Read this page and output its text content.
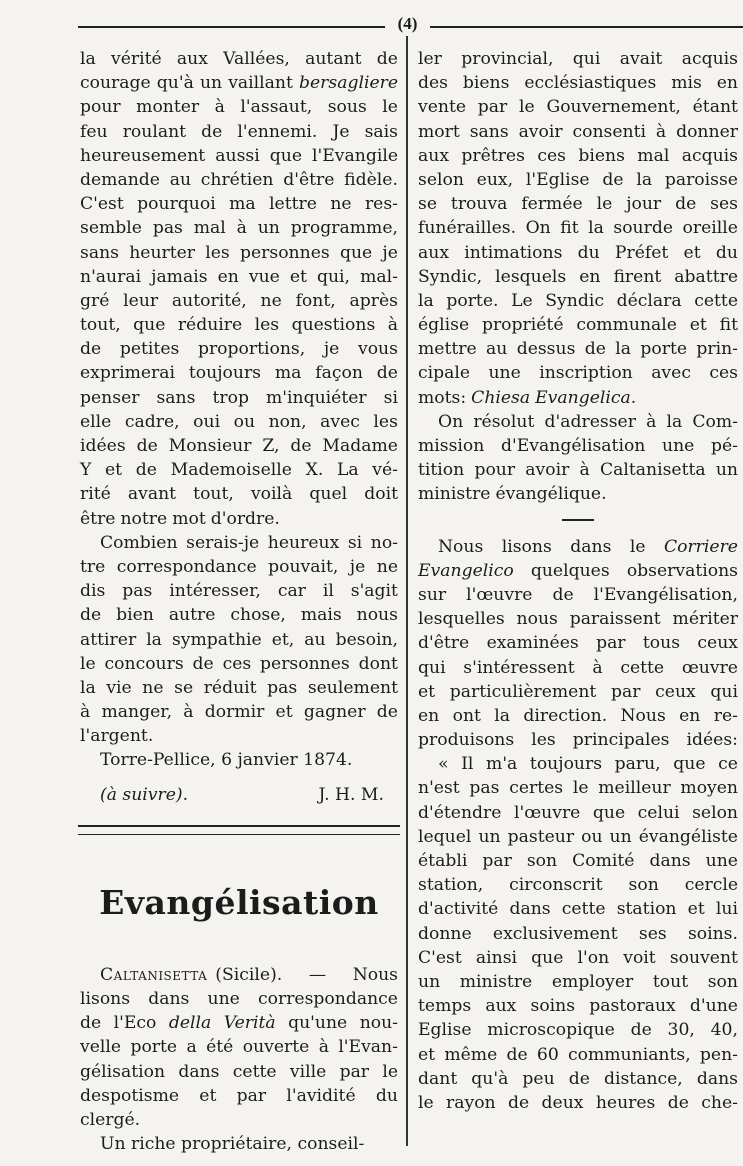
(4)
la vérité aux Vallées, autant de
courage qu'à un vaillant bersagliere
pour monter à l'assaut, sous le
feu roulant de l'ennemi. Je sais
heureusement aussi que l'Evangile
demande au chrétien d'être fidèle.
C'est pourquoi ma lettre ne res-
semble pas mal à un programme,
sans heurter les personnes que je
n'aurai jamais en vue et qui, mal-
gré leur autorité, ne font, après
tout, que réduire les questions à
de petites proportions, je vous
exprimerai toujours ma façon de
penser sans trop m'inquiéter si
elle cadre, oui ou non, avec les
idées de Monsieur Z, de Madame
Y et de Mademoiselle X. La vé-
rité avant tout, voilà quel doit
être notre mot d'ordre.
Combien serais-je heureux si no-
tre correspondance pouvait, je ne
dis pas intéresser, car il s'agit
de bien autre chose, mais nous
attirer la sympathie et, au besoin,
le concours de ces personnes dont
la vie ne se réduit pas seulement
à manger, à dormir et gagner de
l'argent.
Torre-Pellice, 6 janvier 1874.
(à suivre).	J. H. M.
Evangélisation
Caltanisetta (Sicile). — Nous
lisons dans une correspondance
de l'Eco della Verità qu'une nou-
velle porte a été ouverte à l'Evan-
gélisation dans cette ville par le
despotisme et par l'avidité du
clergé.
Un riche propriétaire, conseil-
ler provincial, qui avait acquis
des biens ecclésiastiques mis en
vente par le Gouvernement, étant
mort sans avoir consenti à donner
aux prêtres ces biens mal acquis
selon eux, l'Eglise de la paroisse
se trouva fermée le jour de ses
funérailles. On fit la sourde oreille
aux intimations du Préfet et du
Syndic, lesquels en firent abattre
la porte. Le Syndic déclara cette
église propriété communale et fit
mettre au dessus de la porte prin-
cipale une inscription avec ces
mots: Chiesa Evangelica.
On résolut d'adresser à la Com-
mission d'Evangélisation une pé-
tition pour avoir à Caltanisetta un
ministre évangélique.
Nous lisons dans le Corriere
Evangelico quelques observations
sur l'œuvre de l'Evangélisation,
lesquelles nous paraissent mériter
d'être examinées par tous ceux
qui s'intéressent à cette œuvre
et particulièrement par ceux qui
en ont la direction. Nous en re-
produisons les principales idées:
« Il m'a toujours paru, que ce
n'est pas certes le meilleur moyen
d'étendre l'œuvre que celui selon
lequel un pasteur ou un évangéliste
établi par son Comité dans une
station, circonscrit son cercle
d'activité dans cette station et lui
donne exclusivement ses soins.
C'est ainsi que l'on voit souvent
un ministre employer tout son
temps aux soins pastoraux d'une
Eglise microscopique de 30, 40,
et même de 60 communiants, pen-
dant qu'à peu de distance, dans
le rayon de deux heures de che-
